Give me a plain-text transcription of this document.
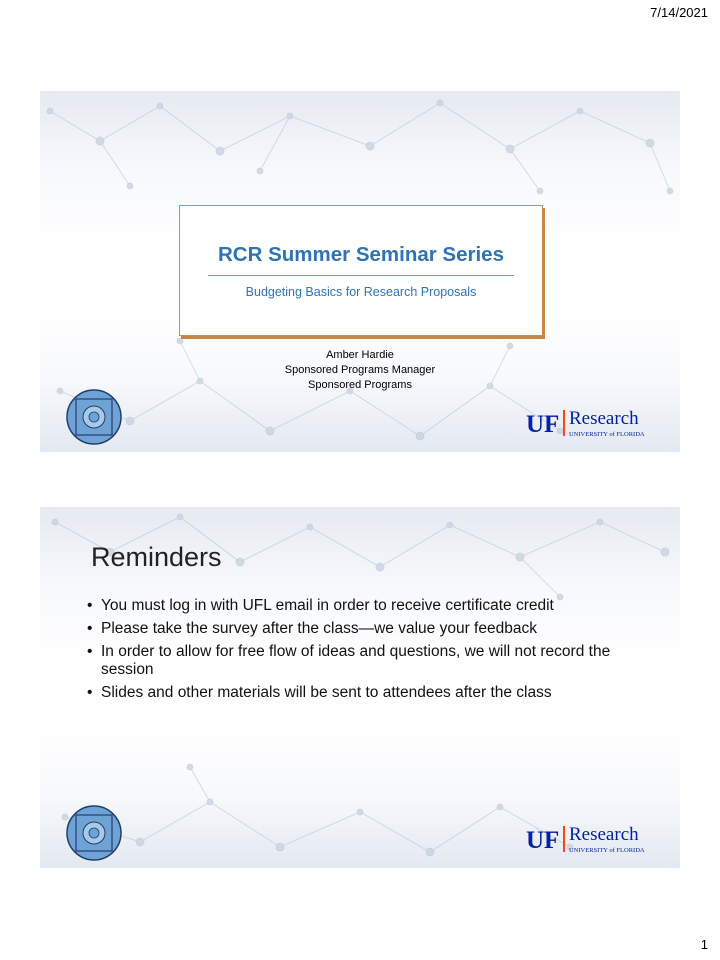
7/14/2021
RCR Summer Seminar Series
Budgeting Basics for Research Proposals
Amber Hardie
Sponsored Programs Manager
Sponsored Programs
UF Research
UNIVERSITY of FLORIDA
Reminders
• You must log in with UFL email in order to receive certificate credit
• Please take the survey after the class—we value your feedback
• In order to allow for free flow of ideas and questions, we will not record the session
• Slides and other materials will be sent to attendees after the class
UF Research
UNIVERSITY of FLORIDA
1
